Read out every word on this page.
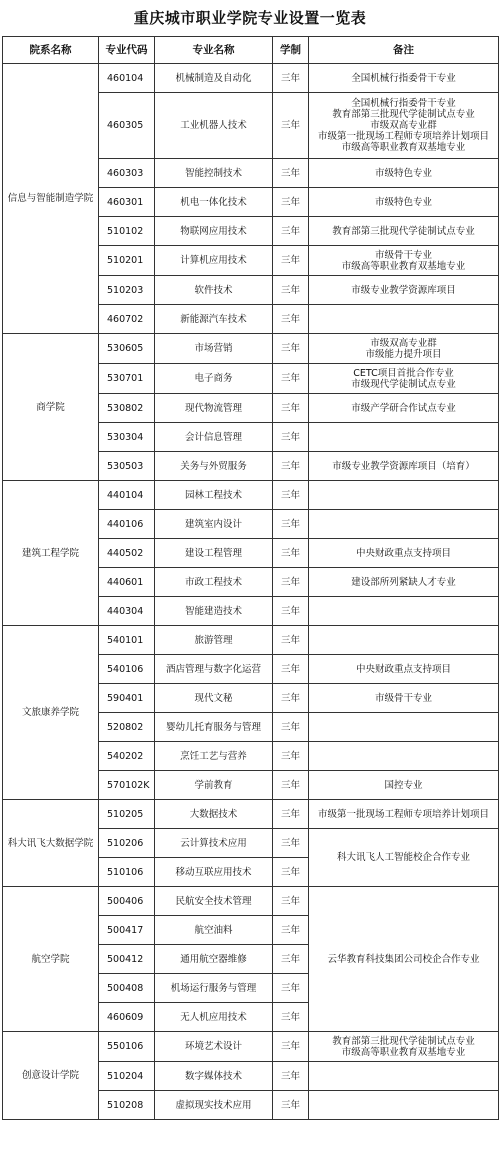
重庆城市职业学院专业设置一览表
院系名称	专业代码	专业名称	学制	备注
信息与智能制造学院	460104	机械制造及自动化	三年	全国机械行指委骨干专业

	460305	工业机器人技术	三年	全国机械行指委骨干专业
教育部第三批现代学徒制试点专业
市级双高专业群
市级第一批现场工程师专项培养计划项目
市级高等职业教育双基地专业

	460303	智能控制技术	三年	市级特色专业

	460301	机电一体化技术	三年	市级特色专业

	510102	物联网应用技术	三年	教育部第三批现代学徒制试点专业

	510201	计算机应用技术	三年	市级骨干专业
市级高等职业教育双基地专业

	510203	软件技术	三年	市级专业教学资源库项目

	460702	新能源汽车技术	三年	
商学院	530605	市场营销	三年	市级双高专业群
市级能力提升项目

	530701	电子商务	三年	CETC项目首批合作专业
市级现代学徒制试点专业

	530802	现代物流管理	三年	市级产学研合作试点专业

	530304	会计信息管理	三年	
	530503	关务与外贸服务	三年	市级专业教学资源库项目（培育）

建筑工程学院	440104	园林工程技术	三年	
	440106	建筑室内设计	三年	
	440502	建设工程管理	三年	中央财政重点支持项目

	440601	市政工程技术	三年	建设部所列紧缺人才专业

	440304	智能建造技术	三年	
文旅康养学院	540101	旅游管理	三年	
	540106	酒店管理与数字化运营	三年	中央财政重点支持项目

	590401	现代文秘	三年	市级骨干专业

	520802	婴幼儿托育服务与管理	三年	
	540202	烹饪工艺与营养	三年	
	570102K	学前教育	三年	国控专业

科大讯飞大数据学院	510205	大数据技术	三年	市级第一批现场工程师专项培养计划项目

	510206	云计算技术应用	三年	科大讯飞人工智能校企合作专业

	510106	移动互联应用技术	三年	
航空学院	500406	民航安全技术管理	三年	云华教育科技集团公司校企合作专业

	500417	航空油料	三年	
	500412	通用航空器维修	三年	
	500408	机场运行服务与管理	三年	
	460609	无人机应用技术	三年	
创意设计学院	550106	环境艺术设计	三年	教育部第三批现代学徒制试点专业
市级高等职业教育双基地专业

	510204	数字媒体技术	三年	
	510208	虚拟现实技术应用	三年	
